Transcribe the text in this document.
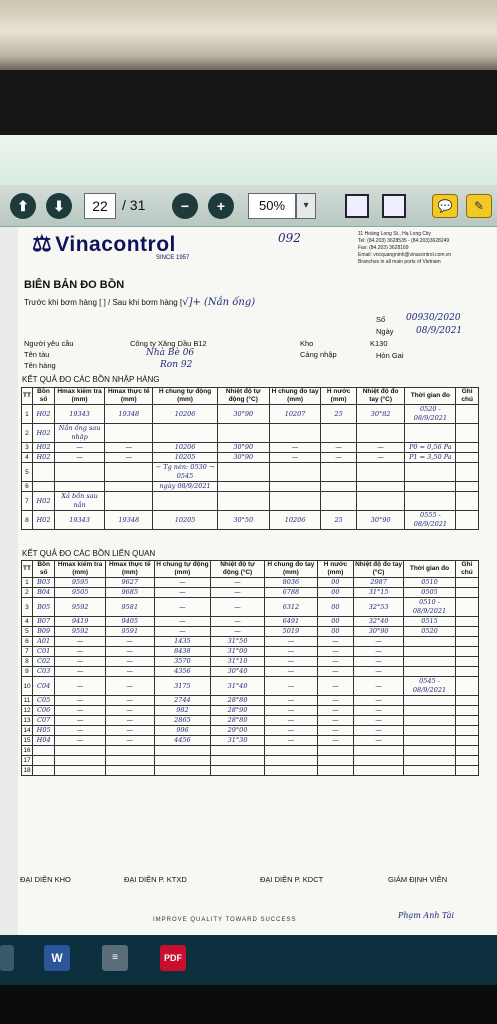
⬆ ⬇	22	/ 31	− +	50%	▾	💬	✎
⚖ Vinacontrol
SINCE 1957
092	11 Hoàng Long St., Hạ Long City
Tel: (84.203) 3628535 - (84.203)3628249
Fax: (84.203) 3628169
Email: vncquangninh@vinacontrol.com.vn
Branches in all main ports of Vietnam
BIÊN BẢN ĐO BỒN
Trước khi bơm hàng [ ] / Sau khi bơm hàng [√]+ (Nắn ống)
Số 00930/2020
Ngày 08/9/2021
Người yêu cầu	Công ty Xăng Dầu B12	Kho	K130
Tên tàu	Nhà Bè 06	Cảng nhập	Hòn Gai
Tên hàng	Ron 92
KẾT QUẢ ĐO CÁC BỒN NHẬP HÀNG
TT	Bồn số	Hmax kiểm tra (mm)	Hmax thực tế (mm)	H chung tự động (mm)	Nhiệt độ tự động (°C)	H chung đo tay (mm)	H nước (mm)	Nhiệt độ đo tay (°C)	Thời gian đo	Ghi chú
1	H02	19343	19348	10206	30°90	10207	25	30°82	0520 - 08/9/2021	
2	H02	Nắn ống sau nhập								
3	H02	—	—	10206	30°90	—	—	—	P0 = 0,56 Pa	
4	H02	—	—	10205	30°90	—	—	—	P1 = 3,50 Pa	
5				− Tg nén: 0530 → 0545						
6				ngày 08/9/2021						
7	H02	Xả bồn sau nắn								
8	H02	19343	19348	10205	30°50	10206	25	30°90	0555 - 08/9/2021	
KẾT QUẢ ĐO CÁC BỒN LIÊN QUAN
TT	Bồn số	Hmax kiểm tra (mm)	Hmax thực tế (mm)	H chung tự động (mm)	Nhiệt độ tự động (°C)	H chung đo tay (mm)	H nước (mm)	Nhiệt độ đo tay (°C)	Thời gian đo	Ghi chú
1	B03	9595	9627	—	—	8036	00	2987	0510	
2	B04	9505	9685	—	—	6788	00	31°15	0505	
3	B05	9592	9581	—	—	6312	00	32°53	0510 - 08/9/2021	
4	B07	9419	9405	—	—	6491	00	32°40	0515	
5	B09	9592	9591	—	—	5019	00	30°90	0520	
6	A01	—	—	1435	31°50	—	—	—		
7	C01	—	—	8438	31°00	—	—	—		
8	C02	—	—	3570	31°10	—	—	—		
9	C03	—	—	4356	30°40	—	—	—		
10	C04	—	—	3175	31°40	—	—	—	0545 - 08/9/2021	
11	C05	—	—	2744	28°80	—	—	—		
12	C06	—	—	982	28°90	—	—	—		
13	C07	—	—	2865	28°80	—	—	—		
14	H05	—	—	996	29°00	—	—	—		
15	H04	—	—	4456	31°30	—	—	—		
16										
17										
18										
ĐẠI DIỆN KHO	ĐẠI DIỆN P. KTXD	ĐẠI DIỆN P. KDCT	GIÁM ĐỊNH VIÊN
IMPROVE QUALITY TOWARD SUCCESS	Phạm Anh Tài
W	≡	PDF
